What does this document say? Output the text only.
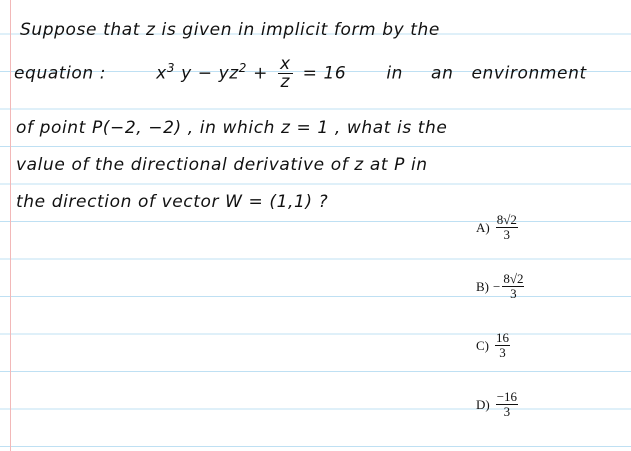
Suppose that z is given in implicit form by the
equation :	$x^3$ $y - yz^2 + \frac{x}{z} = 16$ in an environment
of point P(−2, −2) , in which z = 1 , what is the
value of the directional derivative of z at P in
the direction of vector W = (1,1) ?
$A) \frac{8√2}{3}$
$B) - \frac{8√2}{3}$
$C) \frac{16}{3}$
$D) \frac{-16}{3}$
